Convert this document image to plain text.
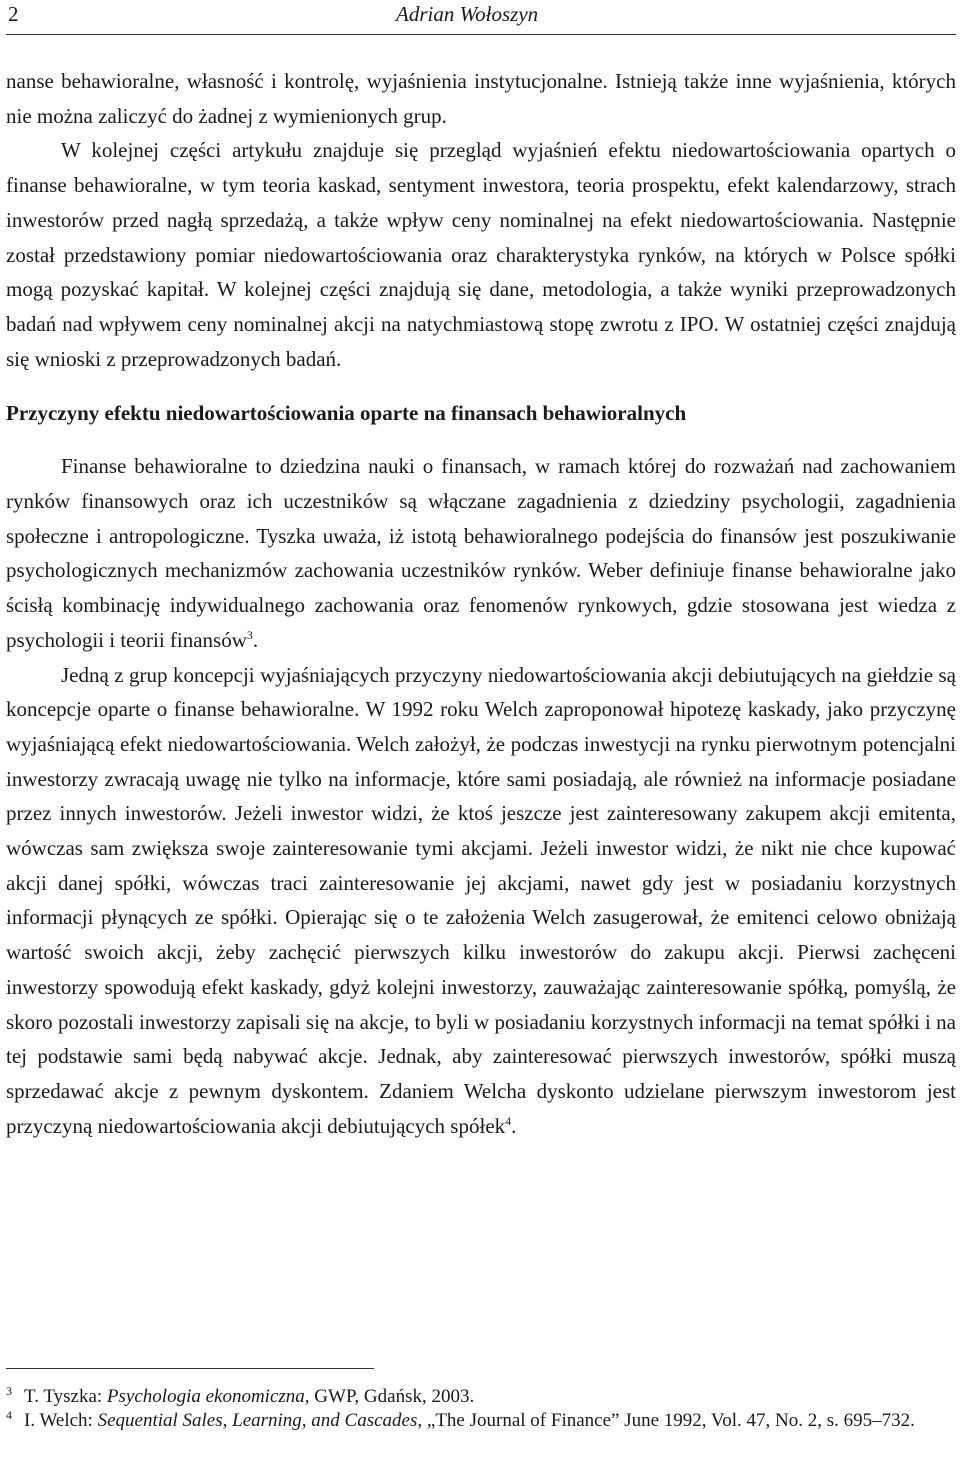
2	Adrian Wołoszyn

nanse behawioralne, własność i kontrolę, wyjaśnienia instytucjonalne. Istnieją także inne wyjaśnienia, których nie można zaliczyć do żadnej z wymienionych grup.

W kolejnej części artykułu znajduje się przegląd wyjaśnień efektu niedowartościowania opartych o finanse behawioralne, w tym teoria kaskad, sentyment inwestora, teoria prospektu, efekt kalendarzowy, strach inwestorów przed nagłą sprzedażą, a także wpływ ceny nominalnej na efekt niedowartościowania. Następnie został przedstawiony pomiar niedowartościowania oraz charakterystyka rynków, na których w Polsce spółki mogą pozyskać kapitał. W kolejnej części znajdują się dane, metodologia, a także wyniki przeprowadzonych badań nad wpływem ceny nominalnej akcji na natychmiastową stopę zwrotu z IPO. W ostatniej części znajdują się wnioski z przeprowadzonych badań.

Przyczyny efektu niedowartościowania oparte na finansach behawioralnych

Finanse behawioralne to dziedzina nauki o finansach, w ramach której do rozważań nad zachowaniem rynków finansowych oraz ich uczestników są włączane zagadnienia z dziedziny psychologii, zagadnienia społeczne i antropologiczne. Tyszka uważa, iż istotą behawioralnego podejścia do finansów jest poszukiwanie psychologicznych mechanizmów zachowania uczestników rynków. Weber definiuje finanse behawioralne jako ścisłą kombinację indywidualnego zachowania oraz fenomenów rynkowych, gdzie stosowana jest wiedza z psychologii i teorii finansów$^3$.

Jedną z grup koncepcji wyjaśniających przyczyny niedowartościowania akcji debiutujących na giełdzie są koncepcje oparte o finanse behawioralne. W 1992 roku Welch zaproponował hipotezę kaskady, jako przyczynę wyjaśniającą efekt niedowartościowania. Welch założył, że podczas inwestycji na rynku pierwotnym potencjalni inwestorzy zwracają uwagę nie tylko na informacje, które sami posiadają, ale również na informacje posiadane przez innych inwestorów. Jeżeli inwestor widzi, że ktoś jeszcze jest zainteresowany zakupem akcji emitenta, wówczas sam zwiększa swoje zainteresowanie tymi akcjami. Jeżeli inwestor widzi, że nikt nie chce kupować akcji danej spółki, wówczas traci zainteresowanie jej akcjami, nawet gdy jest w posiadaniu korzystnych informacji płynących ze spółki. Opierając się o te założenia Welch zasugerował, że emitenci celowo obniżają wartość swoich akcji, żeby zachęcić pierwszych kilku inwestorów do zakupu akcji. Pierwsi zachęceni inwestorzy spowodują efekt kaskady, gdyż kolejni inwestorzy, zauważając zainteresowanie spółką, pomyślą, że skoro pozostali inwestorzy zapisali się na akcje, to byli w posiadaniu korzystnych informacji na temat spółki i na tej podstawie sami będą nabywać akcje. Jednak, aby zainteresować pierwszych inwestorów, spółki muszą sprzedawać akcje z pewnym dyskontem. Zdaniem Welcha dyskonto udzielane pierwszym inwestorom jest przyczyną niedowartościowania akcji debiutujących spółek$^4$.

3 T. Tyszka: Psychologia ekonomiczna, GWP, Gdańsk, 2003.
4 I. Welch: Sequential Sales, Learning, and Cascades, „The Journal of Finance” June 1992, Vol. 47, No. 2, s. 695–732.
